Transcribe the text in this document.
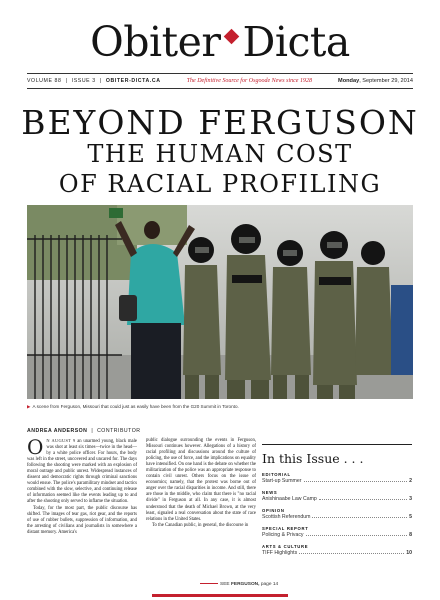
Obiter Dicta
VOLUME 88  |  ISSUE 3  |  OBITER-DICTA.CA	The Definitive Source for Osgoode News since 1928	Monday, September 29, 2014
BEYOND FERGUSON
THE HUMAN COST
OF RACIAL PROFILING
▶ A scene from Ferguson, Missouri that could just as easily have been from the G20 Summit in Toronto.
ANDREA ANDERSON  |  CONTRIBUTOR

O N AUGUST 9 an unarmed young, black male was shot at least six times—twice in the head—by a white police officer. For hours, the body was left in the street, uncovered and uncared for. The days following the shooting were marked with an explosion of moral outrage and public unrest. Widespread instances of dissent and democratic rights through criminal sanctions would ensue. The police's paramilitary mindset and tactics combined with the slow, selective, and continuing release of information seemed like the events leading up to and after the shooting only served to inflame the situation.

Today, for the most part, the public discourse has shifted. The images of tear gas, riot gear, and the reports of use of rubber bullets, suppression of information, and the arresting of civilians and journalists in somewhere a distant memory. America's

public dialogue surrounding the events in Ferguson, Missouri continues however. Allegations of a history of racial profiling and discussions around the culture of policing, the use of force, and the implications on equality have intensified. On one hand is the debate on whether the militarization of the police was an appropriate response to contain civil unrest. Others focus on the issue of economics; namely, that the protest was borne out of anger over the racial disparities in income. And still, there are those in the middle, who claim that there is "no racial divide" in Ferguson at all. In any case, it is almost understood that the death of Michael Brown, at the very least, signaled a real conversation about the state of race relations in the United States.

To the Canadian public, in general, the discourse in

SEE FERGUSON, page 14
In this Issue . . .
EDITORIAL
Start-up Summer	2
NEWS
Anishinaabe Law Camp	3
OPINION
Scottish Referendum	5
SPECIAL REPORT
Policing & Privacy	8
ARTS & CULTURE
TIFF Highlights	10
